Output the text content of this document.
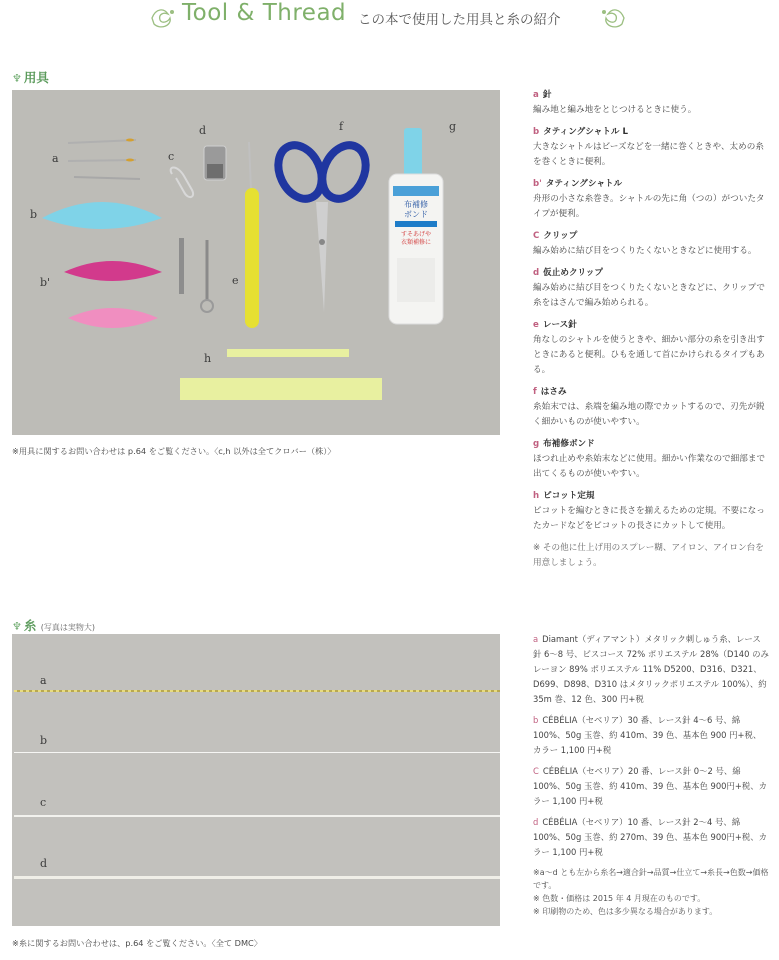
Tool & Thread この本で使用した用具と糸の紹介
♆ 用具
布補修
ボンド
すそあげや
衣類補修に
a	c
d	f	g
b
b'	e
h
※用具に関するお問い合わせは p.64 をご覧ください。〈c,h 以外は全てクロバー（株）〉
a 針
編み地と編み地をとじつけるときに使う。
b タティングシャトル L
大きなシャトルはビーズなどを一緒に巻くときや、太めの糸を巻くときに便利。
b' タティングシャトル
舟形の小さな糸巻き。シャトルの先に角（つの）がついたタイプが便利。
C クリップ
編み始めに結び目をつくりたくないときなどに使用する。
d 仮止めクリップ
編み始めに結び目をつくりたくないときなどに、クリップで糸をはさんで編み始められる。
e レース針
角なしのシャトルを使うときや、細かい部分の糸を引き出すときにあると便利。ひもを通して首にかけられるタイプもある。
f はさみ
糸始末では、糸端を編み地の際でカットするので、刃先が鋭く細かいものが使いやすい。
g 布補修ボンド
ほつれ止めや糸始末などに使用。細かい作業なので細部まで出てくるものが使いやすい。
h ピコット定規
ピコットを編むときに長さを揃えるための定規。不要になったカードなどをピコットの長さにカットして使用。
※ その他に仕上げ用のスプレー糊、アイロン、アイロン台を用意しましょう。
♆ 糸 (写真は実物大)
a
b
c
d
※糸に関するお問い合わせは、p.64 をご覧ください。〈全て DMC〉
a Diamant（ディアマント）メタリック刺しゅう糸、レース針 6〜8 号、ビスコース 72% ポリエステル 28%（D140 のみレーヨン 89% ポリエステル 11% D5200、D316、D321、D699、D898、D310 はメタリックポリエステル 100%）、約 35m 巻、12 色、300 円+税
b CÉBÉLIA（セベリア）30 番、レース針 4〜6 号、綿 100%、50g 玉巻、約 410m、39 色、基本色 900 円+税、カラー 1,100 円+税
C CÉBÉLIA（セベリア）20 番、レース針 0〜2 号、綿 100%、50g 玉巻、約 410m、39 色、基本色 900円+税、カラー 1,100 円+税
d CÉBÉLIA（セベリア）10 番、レース針 2〜4 号、綿 100%、50g 玉巻、約 270m、39 色、基本色 900円+税、カラー 1,100 円+税
※a〜d とも左から糸名→適合針→品質→仕立て→糸長→色数→価格です。
※ 色数・価格は 2015 年 4 月現在のものです。
※ 印刷物のため、色は多少異なる場合があります。
